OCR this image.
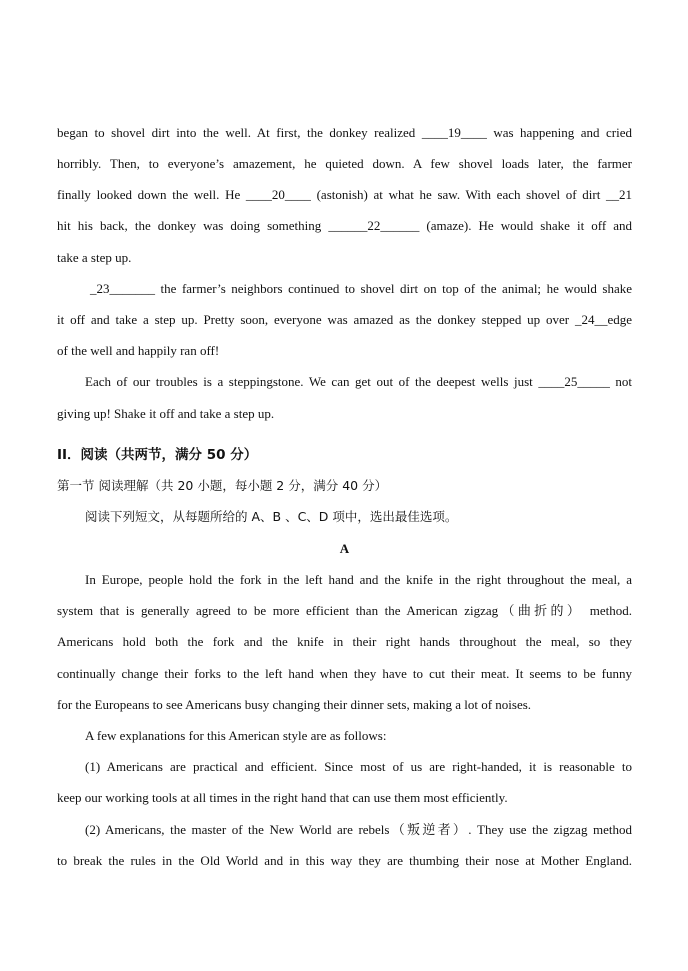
began to shovel dirt into the well. At first, the donkey realized ____19____ was happening and cried
horribly. Then, to everyone’s amazement, he quieted down. A few shovel loads later, the farmer
finally looked down the well. He ____20____ (astonish) at what he saw. With each shovel of dirt __21
hit his back, the donkey was doing something ______22______ (amaze). He would shake it off and
take a step up.
_23_______ the farmer’s neighbors continued to shovel dirt on top of the animal; he would shake
it off and take a step up. Pretty soon, everyone was amazed as the donkey stepped up over _24__edge
of the well and happily ran off!
Each of our troubles is a steppingstone. We can get out of the deepest wells just ____25_____ not
giving up! Shake it off and take a step up.
II．阅读（共两节，满分 50 分）
第一节 阅读理解（共 20 小题，每小题 2 分，满分 40 分）
阅读下列短文，从每题所给的 A、B 、C、D 项中，选出最佳选项。
A
In Europe, people hold the fork in the left hand and the knife in the right throughout the meal, a
system that is generally agreed to be more efficient than the American zigzag（曲折的） method.
Americans hold both the fork and the knife in their right hands throughout the meal, so they
continually change their forks to the left hand when they have to cut their meat. It seems to be funny
for the Europeans to see Americans busy changing their dinner sets, making a lot of noises.
A few explanations for this American style are as follows:
(1) Americans are practical and efficient. Since most of us are right-handed, it is reasonable to
keep our working tools at all times in the right hand that can use them most efficiently.
(2) Americans, the master of the New World are rebels（叛逆者）. They use the zigzag method
to break the rules in the Old World and in this way they are thumbing their nose at Mother England.
